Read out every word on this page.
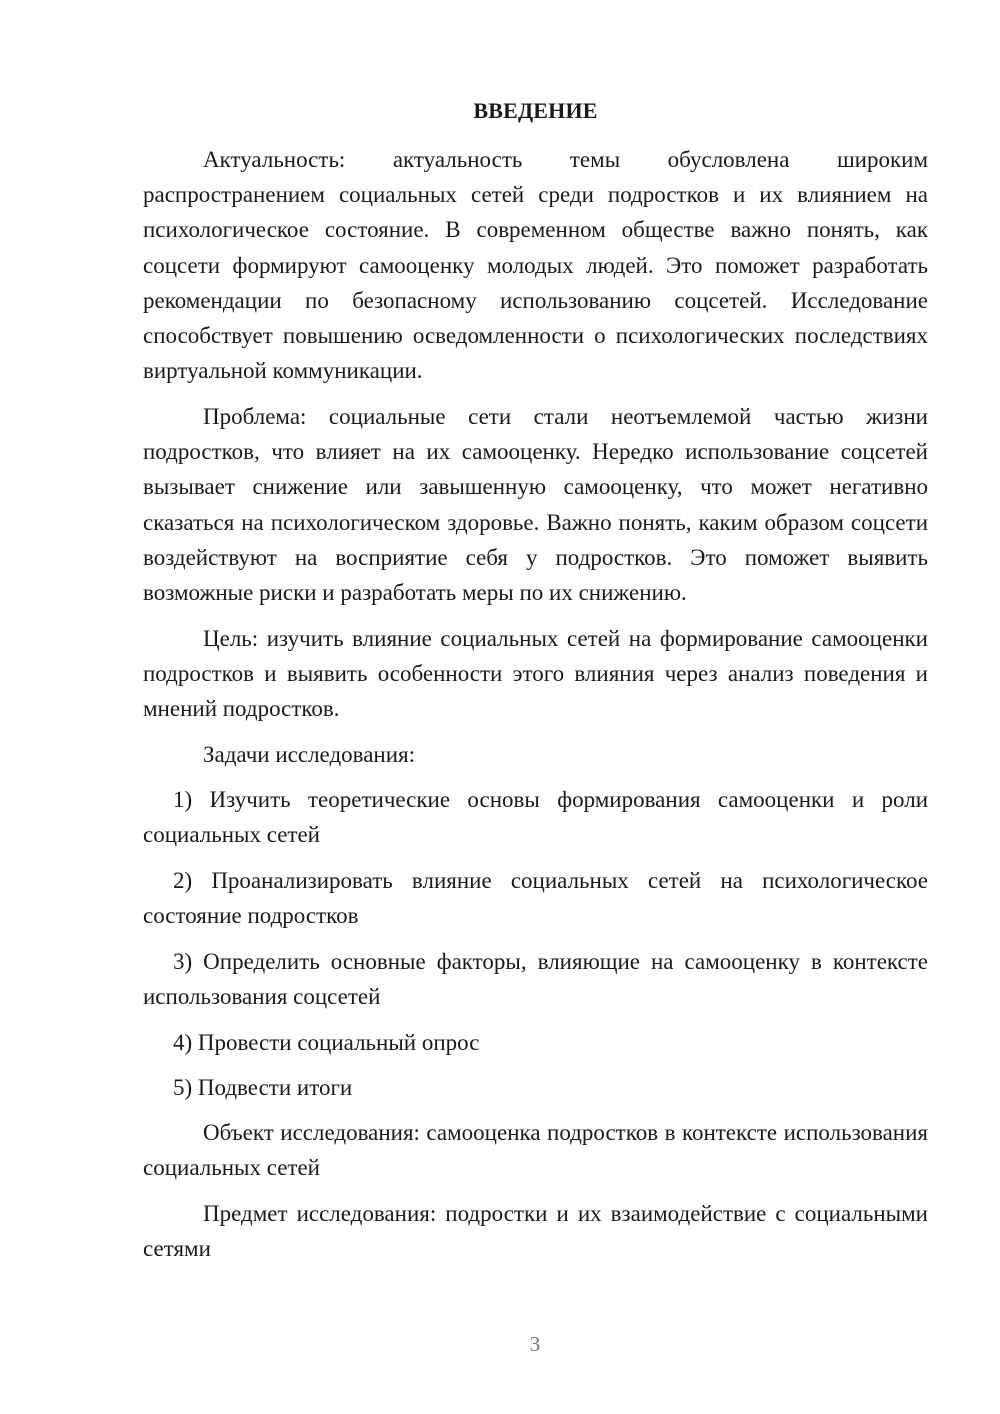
ВВЕДЕНИЕ

Актуальность: актуальность темы обусловлена широким распространением социальных сетей среди подростков и их влиянием на психологическое состояние. В современном обществе важно понять, как соцсети формируют самооценку молодых людей. Это поможет разработать рекомендации по безопасному использованию соцсетей. Исследование способствует повышению осведомленности о психологических последствиях виртуальной коммуникации.

Проблема: социальные сети стали неотъемлемой частью жизни подростков, что влияет на их самооценку. Нередко использование соцсетей вызывает снижение или завышенную самооценку, что может негативно сказаться на психологическом здоровье. Важно понять, каким образом соцсети воздействуют на восприятие себя у подростков. Это поможет выявить возможные риски и разработать меры по их снижению.

Цель: изучить влияние социальных сетей на формирование самооценки подростков и выявить особенности этого влияния через анализ поведения и мнений подростков.

Задачи исследования:

1) Изучить теоретические основы формирования самооценки и роли социальных сетей

2) Проанализировать влияние социальных сетей на психологическое состояние подростков

3) Определить основные факторы, влияющие на самооценку в контексте использования соцсетей

4) Провести социальный опрос

5) Подвести итоги

Объект исследования: самооценка подростков в контексте использования социальных сетей

Предмет исследования: подростки и их взаимодействие с социальными сетями

3
